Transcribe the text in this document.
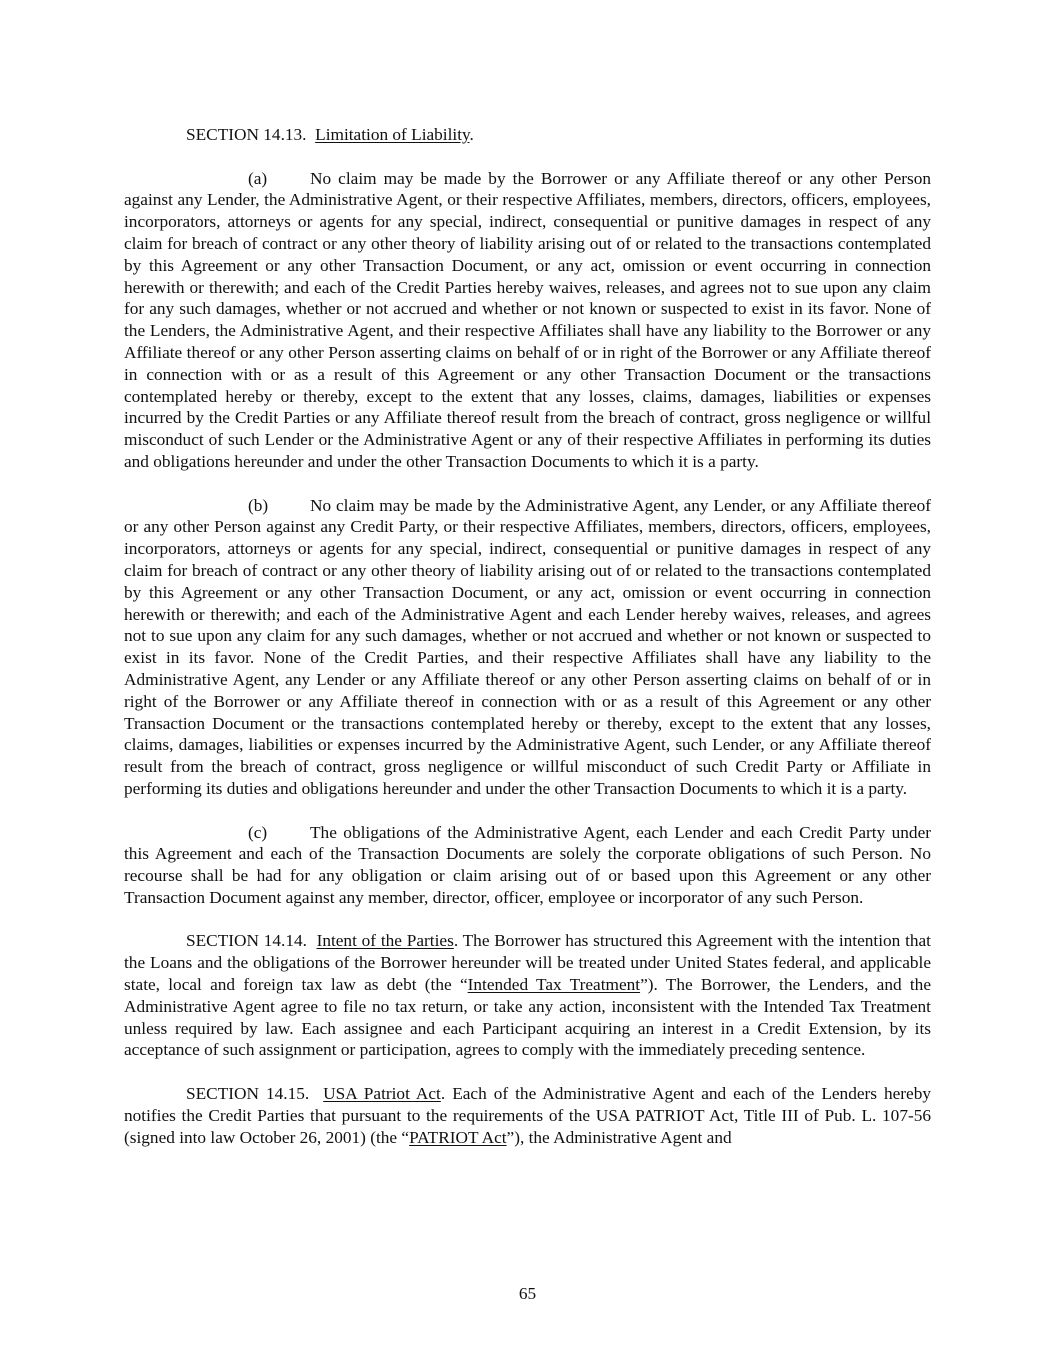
SECTION 14.13. Limitation of Liability.

(a) No claim may be made by the Borrower or any Affiliate thereof or any other Person against any Lender, the Administrative Agent, or their respective Affiliates, members, directors, officers, employees, incorporators, attorneys or agents for any special, indirect, consequential or punitive damages in respect of any claim for breach of contract or any other theory of liability arising out of or related to the transactions contemplated by this Agreement or any other Transaction Document, or any act, omission or event occurring in connection herewith or therewith; and each of the Credit Parties hereby waives, releases, and agrees not to sue upon any claim for any such damages, whether or not accrued and whether or not known or suspected to exist in its favor. None of the Lenders, the Administrative Agent, and their respective Affiliates shall have any liability to the Borrower or any Affiliate thereof or any other Person asserting claims on behalf of or in right of the Borrower or any Affiliate thereof in connection with or as a result of this Agreement or any other Transaction Document or the transactions contemplated hereby or thereby, except to the extent that any losses, claims, damages, liabilities or expenses incurred by the Credit Parties or any Affiliate thereof result from the breach of contract, gross negligence or willful misconduct of such Lender or the Administrative Agent or any of their respective Affiliates in performing its duties and obligations hereunder and under the other Transaction Documents to which it is a party.

(b) No claim may be made by the Administrative Agent, any Lender, or any Affiliate thereof or any other Person against any Credit Party, or their respective Affiliates, members, directors, officers, employees, incorporators, attorneys or agents for any special, indirect, consequential or punitive damages in respect of any claim for breach of contract or any other theory of liability arising out of or related to the transactions contemplated by this Agreement or any other Transaction Document, or any act, omission or event occurring in connection herewith or therewith; and each of the Administrative Agent and each Lender hereby waives, releases, and agrees not to sue upon any claim for any such damages, whether or not accrued and whether or not known or suspected to exist in its favor. None of the Credit Parties, and their respective Affiliates shall have any liability to the Administrative Agent, any Lender or any Affiliate thereof or any other Person asserting claims on behalf of or in right of the Borrower or any Affiliate thereof in connection with or as a result of this Agreement or any other Transaction Document or the transactions contemplated hereby or thereby, except to the extent that any losses, claims, damages, liabilities or expenses incurred by the Administrative Agent, such Lender, or any Affiliate thereof result from the breach of contract, gross negligence or willful misconduct of such Credit Party or Affiliate in performing its duties and obligations hereunder and under the other Transaction Documents to which it is a party.

(c) The obligations of the Administrative Agent, each Lender and each Credit Party under this Agreement and each of the Transaction Documents are solely the corporate obligations of such Person. No recourse shall be had for any obligation or claim arising out of or based upon this Agreement or any other Transaction Document against any member, director, officer, employee or incorporator of any such Person.

SECTION 14.14. Intent of the Parties. The Borrower has structured this Agreement with the intention that the Loans and the obligations of the Borrower hereunder will be treated under United States federal, and applicable state, local and foreign tax law as debt (the “Intended Tax Treatment”). The Borrower, the Lenders, and the Administrative Agent agree to file no tax return, or take any action, inconsistent with the Intended Tax Treatment unless required by law. Each assignee and each Participant acquiring an interest in a Credit Extension, by its acceptance of such assignment or participation, agrees to comply with the immediately preceding sentence.

SECTION 14.15. USA Patriot Act. Each of the Administrative Agent and each of the Lenders hereby notifies the Credit Parties that pursuant to the requirements of the USA PATRIOT Act, Title III of Pub. L. 107-56 (signed into law October 26, 2001) (the “PATRIOT Act”), the Administrative Agent and

65
